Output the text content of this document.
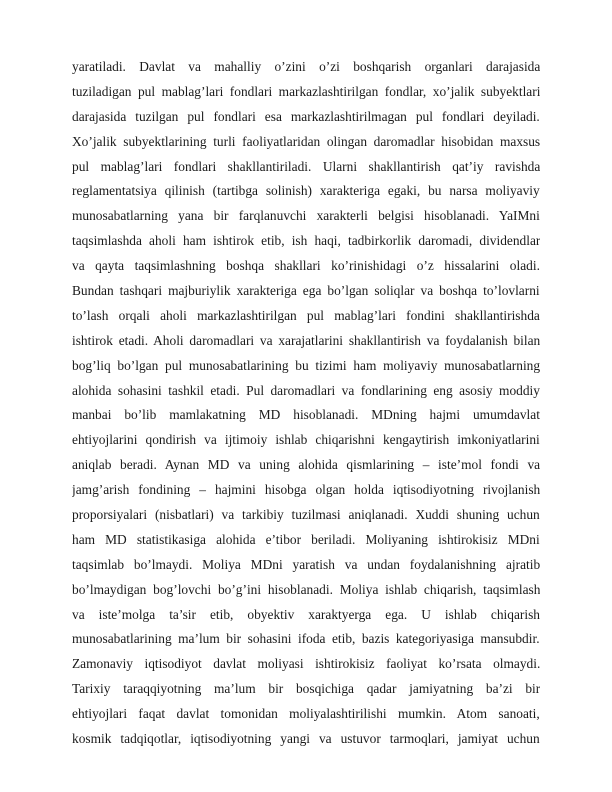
yaratiladi. Davlat va mahalliy o’zini o’zi boshqarish organlari darajasida
tuziladigan pul mablag’lari fondlari markazlashtirilgan fondlar, xo’jalik subyektlari
darajasida tuzilgan pul fondlari esa markazlashtirilmagan pul fondlari deyiladi.
Xo’jalik subyektlarining turli faoliyatlaridan olingan daromadlar hisobidan maxsus
pul mablag’lari fondlari shakllantiriladi. Ularni shakllantirish qat’iy ravishda
reglamentatsiya qilinish (tartibga solinish) xarakteriga egaki, bu narsa moliyaviy
munosabatlarning yana bir farqlanuvchi xarakterli belgisi hisoblanadi. YaIMni
taqsimlashda aholi ham ishtirok etib, ish haqi, tadbirkorlik daromadi, dividendlar
va qayta taqsimlashning boshqa shakllari ko’rinishidagi o’z hissalarini oladi.
Bundan tashqari majburiylik xarakteriga ega bo’lgan soliqlar va boshqa to’lovlarni
to’lash orqali aholi markazlashtirilgan pul mablag’lari fondini shakllantirishda
ishtirok etadi. Aholi daromadlari va xarajatlarini shakllantirish va foydalanish bilan
bog’liq bo’lgan pul munosabatlarining bu tizimi ham moliyaviy munosabatlarning
alohida sohasini tashkil etadi. Pul daromadlari va fondlarining eng asosiy moddiy
manbai bo’lib mamlakatning MD hisoblanadi. MDning hajmi umumdavlat
ehtiyojlarini qondirish va ijtimoiy ishlab chiqarishni kengaytirish imkoniyatlarini
aniqlab beradi. Aynan MD va uning alohida qismlarining – iste’mol fondi va
jamg’arish fondining – hajmini hisobga olgan holda iqtisodiyotning rivojlanish
proporsiyalari (nisbatlari) va tarkibiy tuzilmasi aniqlanadi. Xuddi shuning uchun
ham MD statistikasiga alohida e’tibor beriladi. Moliyaning ishtirokisiz MDni
taqsimlab bo’lmaydi. Moliya MDni yaratish va undan foydalanishning ajratib
bo’lmaydigan bog’lovchi bo’g’ini hisoblanadi. Moliya ishlab chiqarish, taqsimlash
va iste’molga ta’sir etib, obyektiv xaraktyerga ega. U ishlab chiqarish
munosabatlarining ma’lum bir sohasini ifoda etib, bazis kategoriyasiga mansubdir.
Zamonaviy iqtisodiyot davlat moliyasi ishtirokisiz faoliyat ko’rsata olmaydi.
Tarixiy taraqqiyotning ma’lum bir bosqichiga qadar jamiyatning ba’zi bir
ehtiyojlari faqat davlat tomonidan moliyalashtirilishi mumkin. Atom sanoati,
kosmik tadqiqotlar, iqtisodiyotning yangi va ustuvor tarmoqlari, jamiyat uchun
